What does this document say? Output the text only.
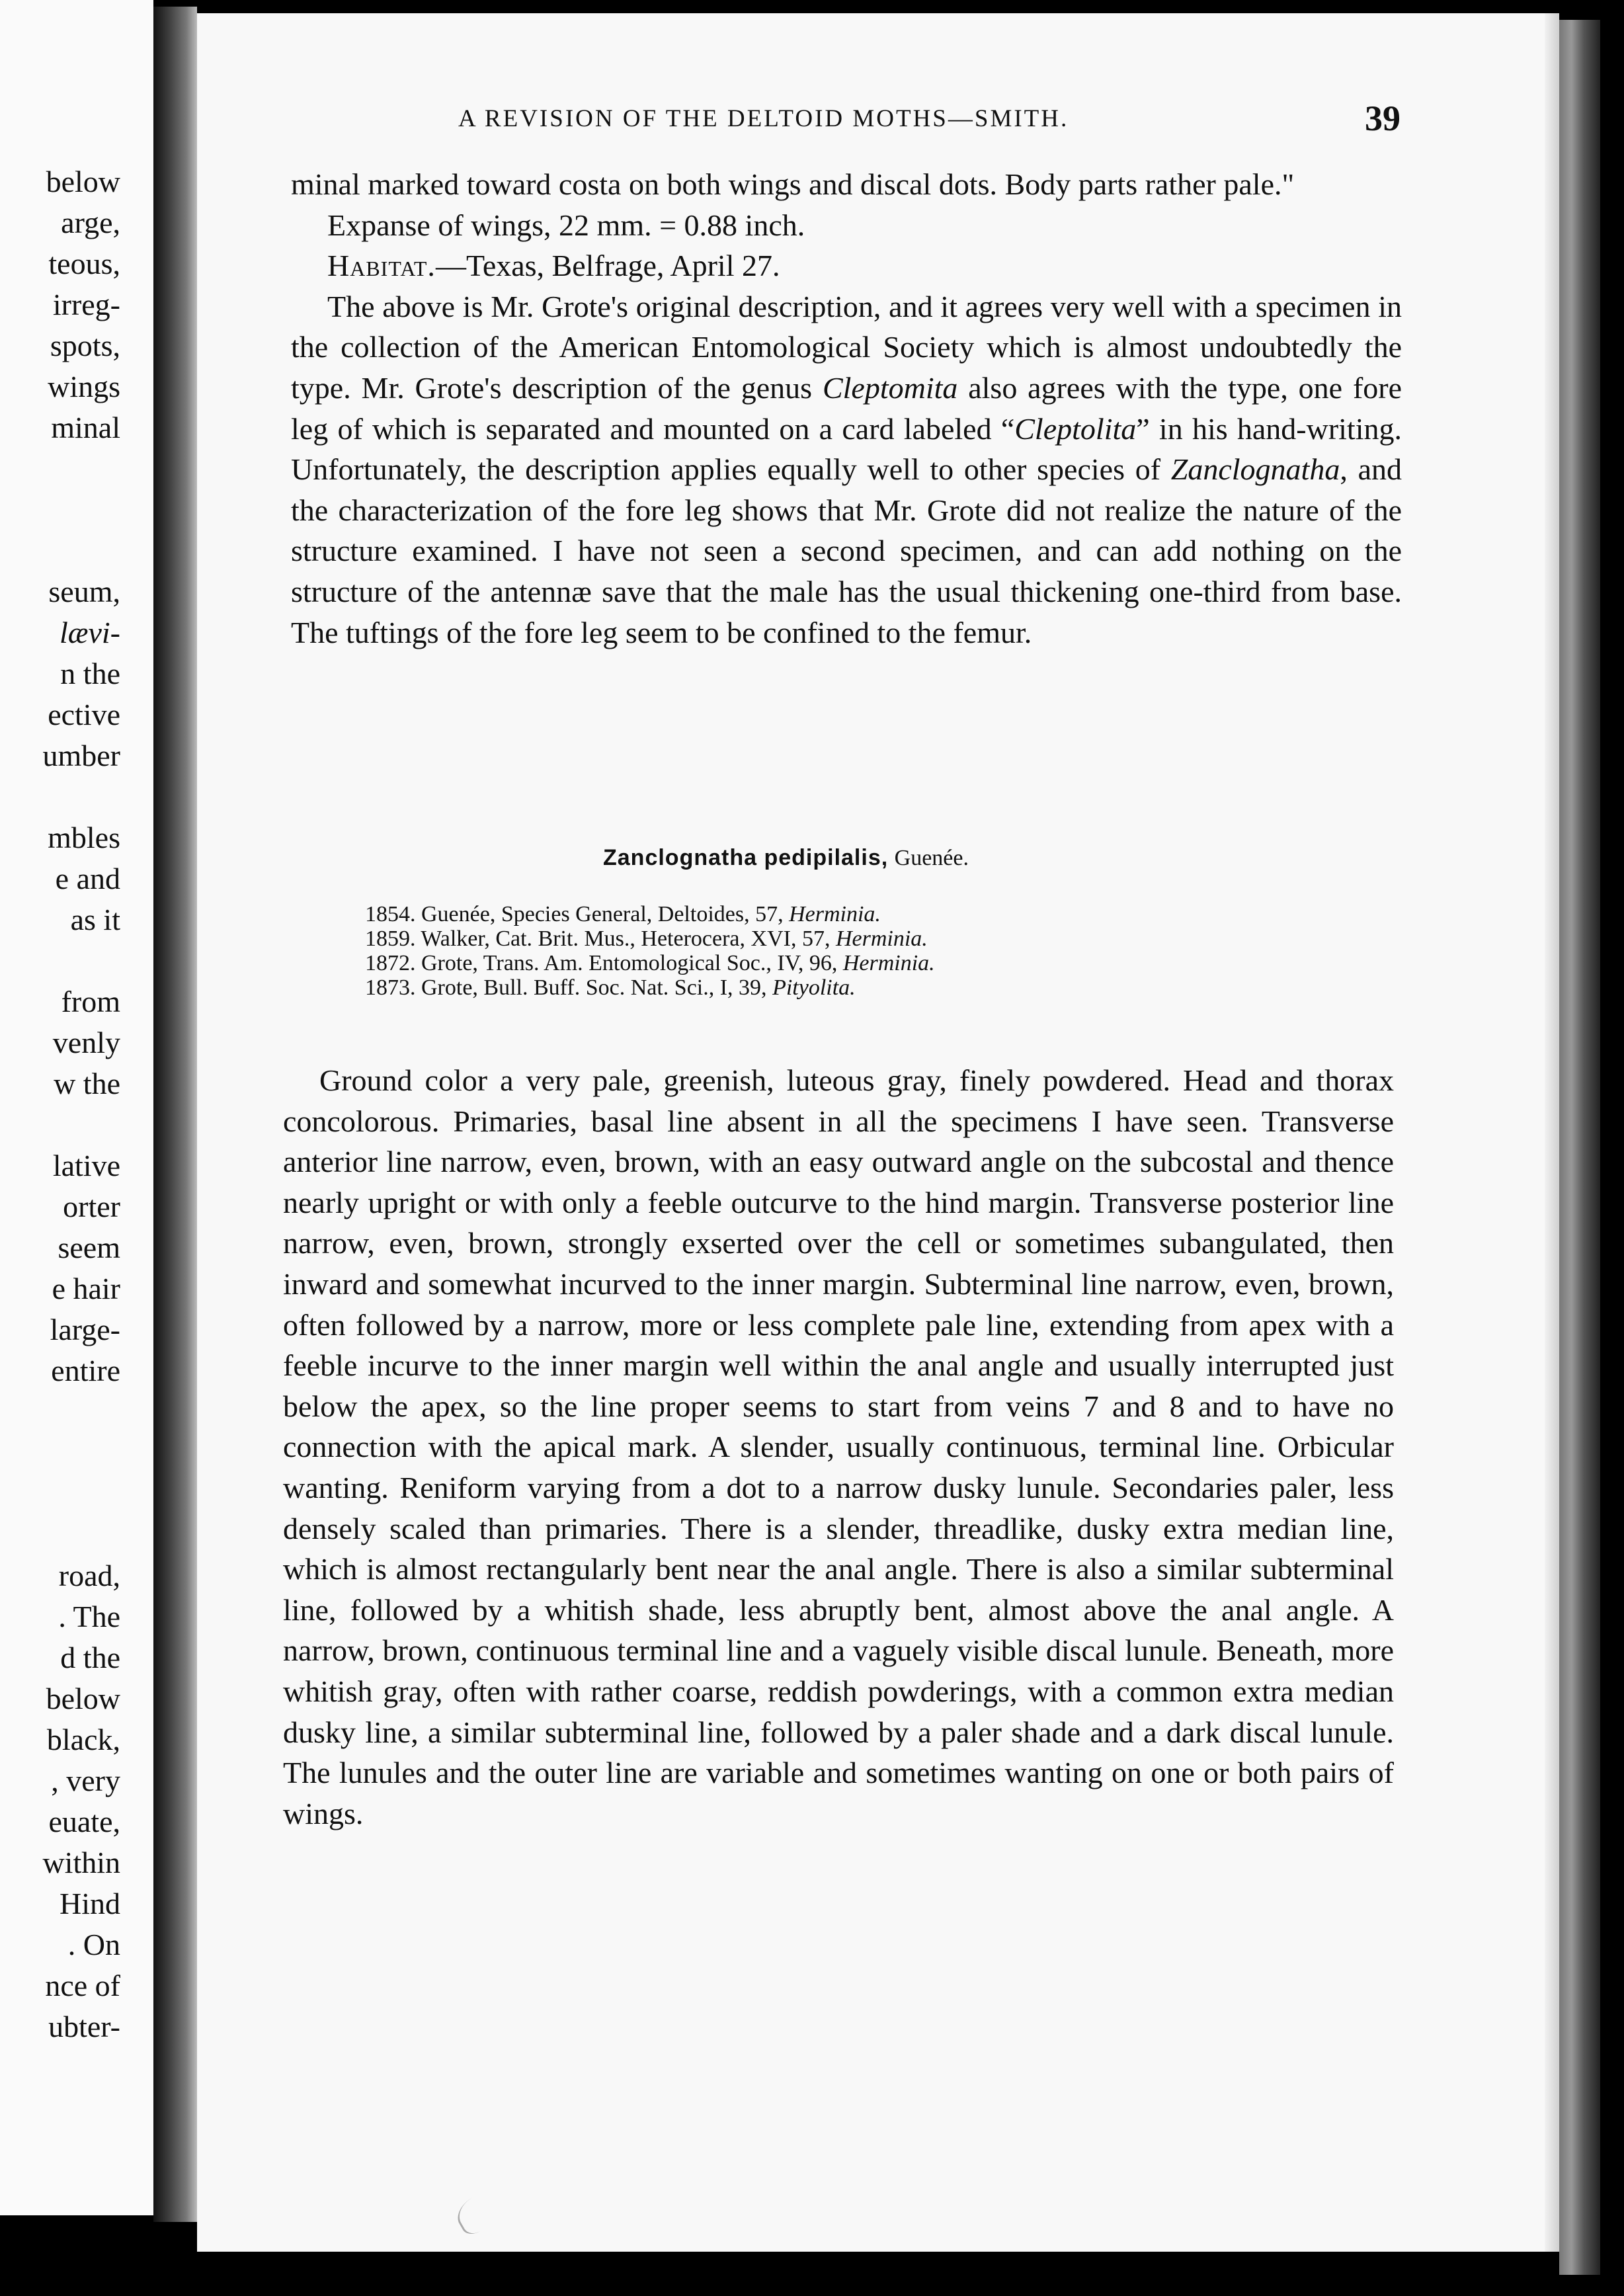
below
arge,
teous,
irreg-
spots,
wings
minal
seum,
lævi-
n the
ective
umber
mbles
e and
as it
from
venly
w the
lative
orter
seem
e hair
large-
entire
road,
. The
d the
below
black,
, very
euate,
within
Hind
. On
nce of
ubter-
A REVISION OF THE DELTOID MOTHS—SMITH.	39

minal marked toward costa on both wings and discal dots. Body parts rather pale."

Expanse of wings, 22 mm. = 0.88 inch.

Habitat.—Texas, Belfrage, April 27.

The above is Mr. Grote's original description, and it agrees very well with a specimen in the collection of the American Entomological Society which is almost undoubtedly the type. Mr. Grote's description of the genus Cleptomita also agrees with the type, one fore leg of which is separated and mounted on a card labeled “Cleptolita” in his hand-writing. Unfortunately, the description applies equally well to other species of Zanclognatha, and the characterization of the fore leg shows that Mr. Grote did not realize the nature of the structure examined. I have not seen a second specimen, and can add nothing on the structure of the antennæ save that the male has the usual thickening one-third from base. The tuftings of the fore leg seem to be confined to the femur.

Zanclognatha pedipilalis, Guenée.
1854. Guenée, Species General, Deltoides, 57, Herminia.
1859. Walker, Cat. Brit. Mus., Heterocera, XVI, 57, Herminia.
1872. Grote, Trans. Am. Entomological Soc., IV, 96, Herminia.
1873. Grote, Bull. Buff. Soc. Nat. Sci., I, 39, Pityolita.

Ground color a very pale, greenish, luteous gray, finely powdered. Head and thorax concolorous. Primaries, basal line absent in all the specimens I have seen. Transverse anterior line narrow, even, brown, with an easy outward angle on the subcostal and thence nearly upright or with only a feeble outcurve to the hind margin. Transverse posterior line narrow, even, brown, strongly exserted over the cell or sometimes subangulated, then inward and somewhat incurved to the inner margin. Subterminal line narrow, even, brown, often followed by a narrow, more or less complete pale line, extending from apex with a feeble incurve to the inner margin well within the anal angle and usually interrupted just below the apex, so the line proper seems to start from veins 7 and 8 and to have no connection with the apical mark. A slender, usually continuous, terminal line. Orbicular wanting. Reniform varying from a dot to a narrow dusky lunule. Secondaries paler, less densely scaled than primaries. There is a slender, threadlike, dusky extra median line, which is almost rectangularly bent near the anal angle. There is also a similar subterminal line, followed by a whitish shade, less abruptly bent, almost above the anal angle. A narrow, brown, continuous terminal line and a vaguely visible discal lunule. Beneath, more whitish gray, often with rather coarse, reddish powderings, with a common extra median dusky line, a similar subterminal line, followed by a paler shade and a dark discal lunule. The lunules and the outer line are variable and sometimes wanting on one or both pairs of wings.
